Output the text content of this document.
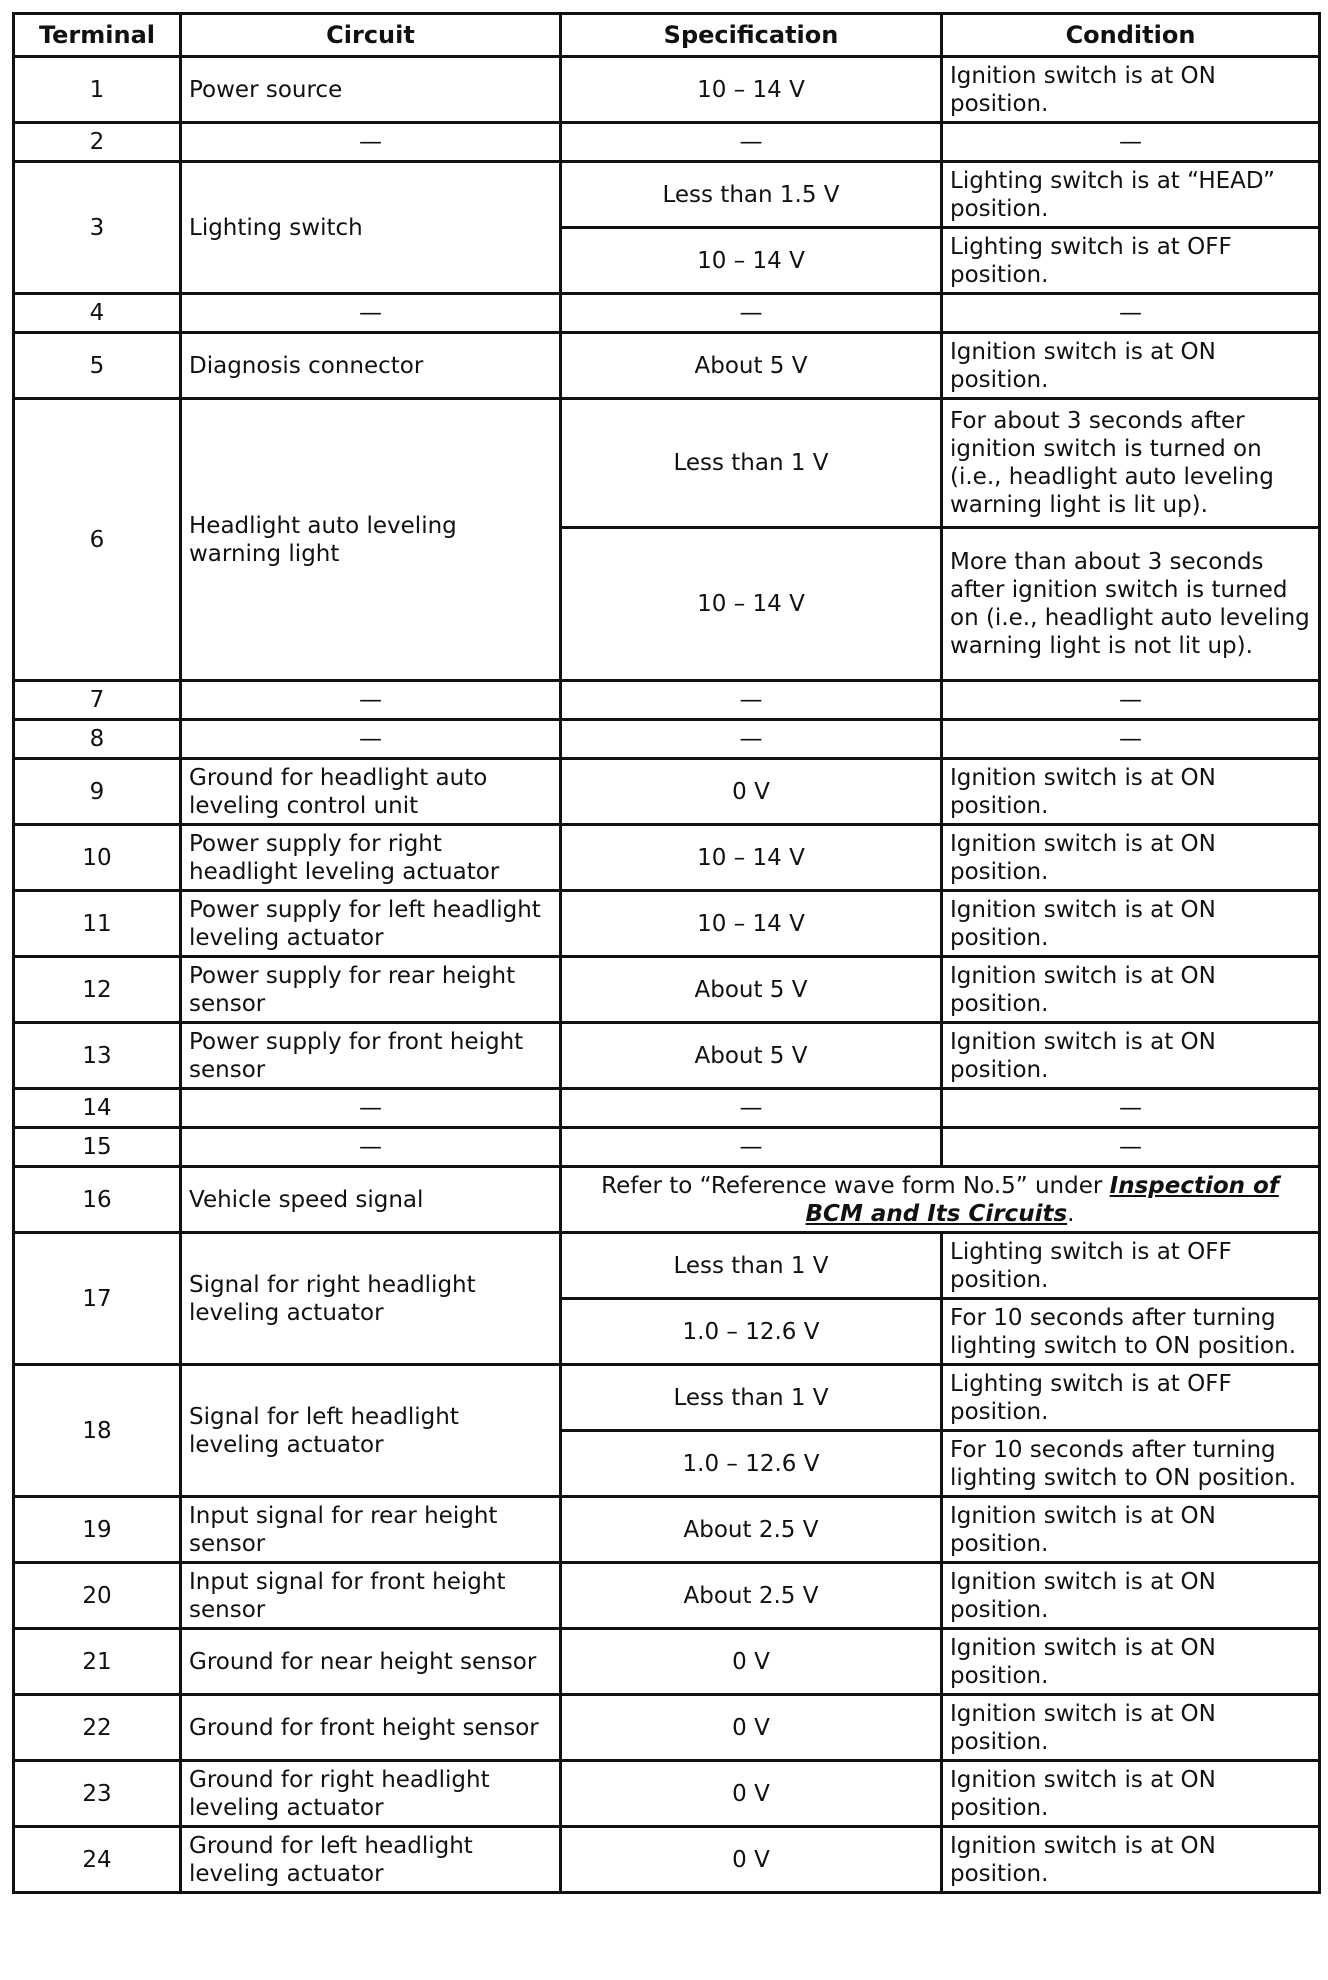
Terminal	Circuit	Specification	Condition
1	Power source	10 – 14 V	Ignition switch is at ON position.
2	—	—	—
3	Lighting switch	Less than 1.5 V	Lighting switch is at “HEAD” position.
		10 – 14 V	Lighting switch is at OFF position.
4	—	—	—
5	Diagnosis connector	About 5 V	Ignition switch is at ON position.
6	Headlight auto leveling warning light	Less than 1 V	For about 3 seconds after ignition switch is turned on (i.e., headlight auto leveling warning light is lit up).
		10 – 14 V	More than about 3 seconds after ignition switch is turned on (i.e., headlight auto leveling warning light is not lit up).
7	—	—	—
8	—	—	—
9	Ground for headlight auto leveling control unit	0 V	Ignition switch is at ON position.
10	Power supply for right headlight leveling actuator	10 – 14 V	Ignition switch is at ON position.
11	Power supply for left headlight leveling actuator	10 – 14 V	Ignition switch is at ON position.
12	Power supply for rear height sensor	About 5 V	Ignition switch is at ON position.
13	Power supply for front height sensor	About 5 V	Ignition switch is at ON position.
14	—	—	—
15	—	—	—
16	Vehicle speed signal	Refer to “Reference wave form No.5” under Inspection of BCM and Its Circuits.	
17	Signal for right headlight leveling actuator	Less than 1 V	Lighting switch is at OFF position.
		1.0 – 12.6 V	For 10 seconds after turning lighting switch to ON position.
18	Signal for left headlight leveling actuator	Less than 1 V	Lighting switch is at OFF position.
		1.0 – 12.6 V	For 10 seconds after turning lighting switch to ON position.
19	Input signal for rear height sensor	About 2.5 V	Ignition switch is at ON position.
20	Input signal for front height sensor	About 2.5 V	Ignition switch is at ON position.
21	Ground for near height sensor	0 V	Ignition switch is at ON position.
22	Ground for front height sensor	0 V	Ignition switch is at ON position.
23	Ground for right headlight leveling actuator	0 V	Ignition switch is at ON position.
24	Ground for left headlight leveling actuator	0 V	Ignition switch is at ON position.
